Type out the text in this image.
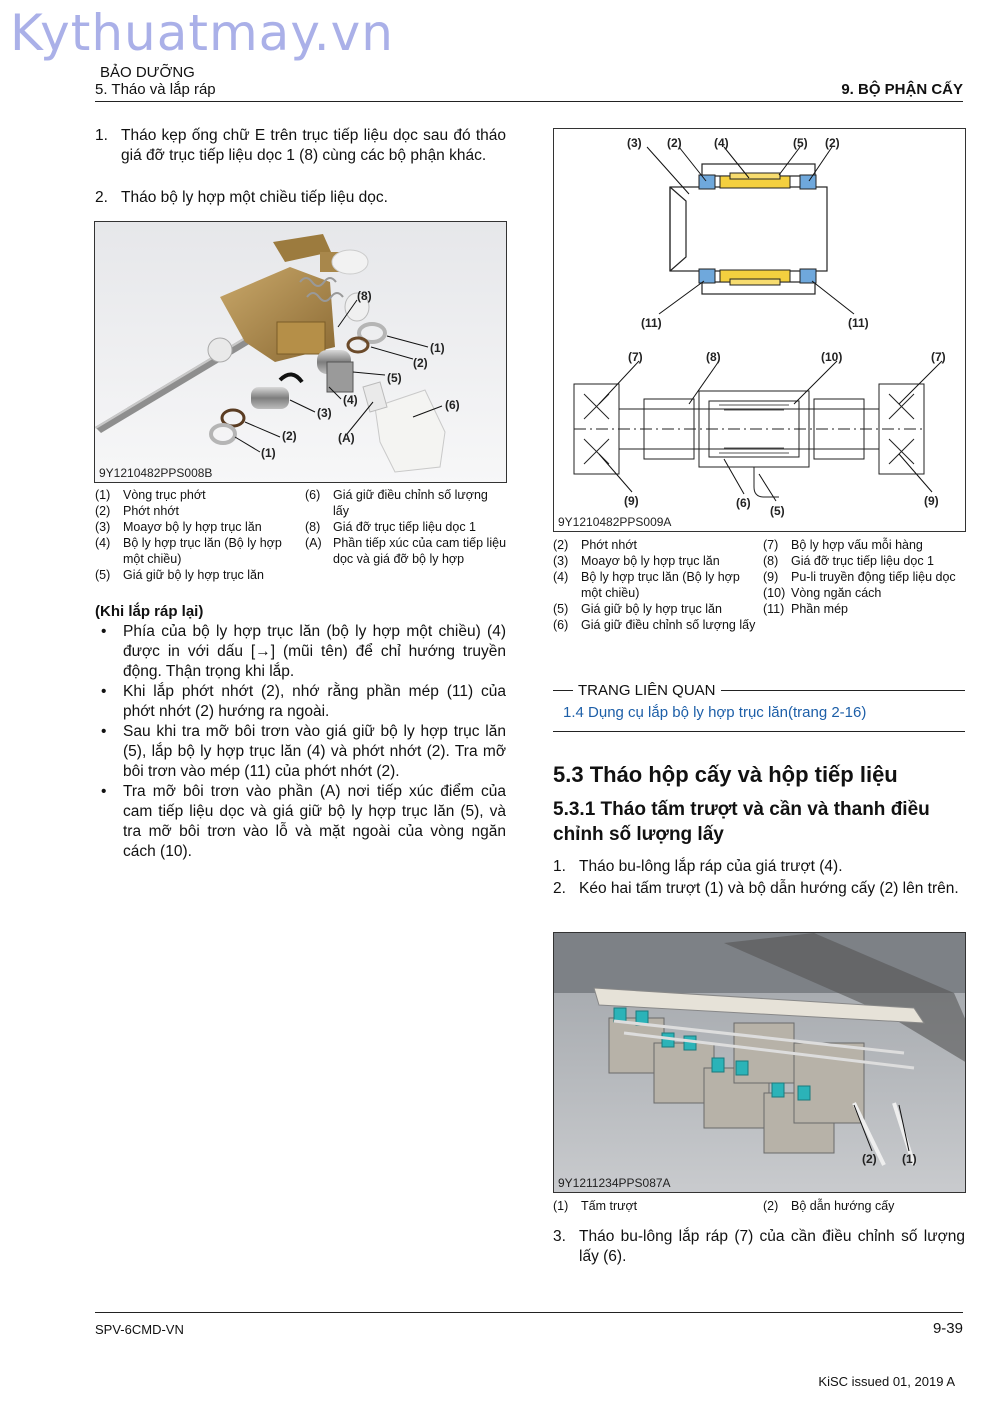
Kythuatmay.vn
BẢO DƯỠNG
5. Tháo và lắp ráp	9. BỘ PHẬN CẤY
1. Tháo kẹp ống chữ E trên trục tiếp liệu dọc sau đó tháo giá đỡ trục tiếp liệu dọc 1 (8) cùng các bộ phận khác.
2. Tháo bộ ly hợp một chiều tiếp liệu dọc.
(8)
(1)
(2)
(5)
(4)	(6)
(3)
(A)
(2)
(1)
9Y1210482PPS008B
(1)	Vòng trục phớt
(2)	Phớt nhớt
(3)	Moayơ bộ ly hợp trục lăn
(4)	Bộ ly hợp trục lăn (Bộ ly hợp một chiều)
(5)	Giá giữ bộ ly hợp trục lăn
(6)	Giá giữ điều chỉnh số lượng lấy
(8)	Giá đỡ trục tiếp liệu dọc 1
(A) Phần tiếp xúc của cam tiếp liệu dọc và giá đỡ bộ ly hợp
(Khi lắp ráp lại)
• Phía của bộ ly hợp trục lăn (bộ ly hợp một chiều) (4) được in với dấu [→] (mũi tên) để chỉ hướng truyền động. Thận trọng khi lắp.
• Khi lắp phớt nhớt (2), nhớ rằng phần mép (11) của phớt nhớt (2) hướng ra ngoài.
• Sau khi tra mỡ bôi trơn vào giá giữ bộ ly hợp trục lăn (5), lắp bộ ly hợp trục lăn (4) và phớt nhớt (2). Tra mỡ bôi trơn vào mép (11) của phớt nhớt (2).
• Tra mỡ bôi trơn vào phần (A) nơi tiếp xúc điểm của cam tiếp liệu dọc và giá giữ bộ ly hợp trục lăn (5), và tra mỡ bôi trơn vào lỗ và mặt ngoài của vòng ngăn cách (10).
(3) (2)	(4)	(5) (2)
(11)	(11)
(7)	(8)	(10)	(7)
(9)	(6)
(5)
(9)
9Y1210482PPS009A
(2)	Phớt nhớt
(3)	Moayơ bộ ly hợp trục lăn
(4)	Bộ ly hợp trục lăn (Bộ ly hợp một chiều)
(5)	Giá giữ bộ ly hợp trục lăn
(6)	Giá giữ điều chỉnh số lượng lấy
(7)	Bộ ly hợp vấu mỗi hàng
(8)	Giá đỡ trục tiếp liệu dọc 1
(9)	Pu-li truyền động tiếp liệu dọc
(10) Vòng ngăn cách
(11) Phần mép
TRANG LIÊN QUAN
1.4 Dụng cụ lắp bộ ly hợp trục lăn(trang 2-16)
5.3 Tháo hộp cấy và hộp tiếp liệu
5.3.1 Tháo tấm trượt và cần và thanh điều chỉnh số lượng lấy
1. Tháo bu-lông lắp ráp của giá trượt (4).
2. Kéo hai tấm trượt (1) và bộ dẫn hướng cấy (2) lên trên.
(2) (1)
9Y1211234PPS087A
(1)	Tấm trượt	(2)	Bộ dẫn hướng cấy
3. Tháo bu-lông lắp ráp (7) của cần điều chỉnh số lượng lấy (6).
SPV-6CMD-VN	9-39
KiSC issued 01, 2019 A
